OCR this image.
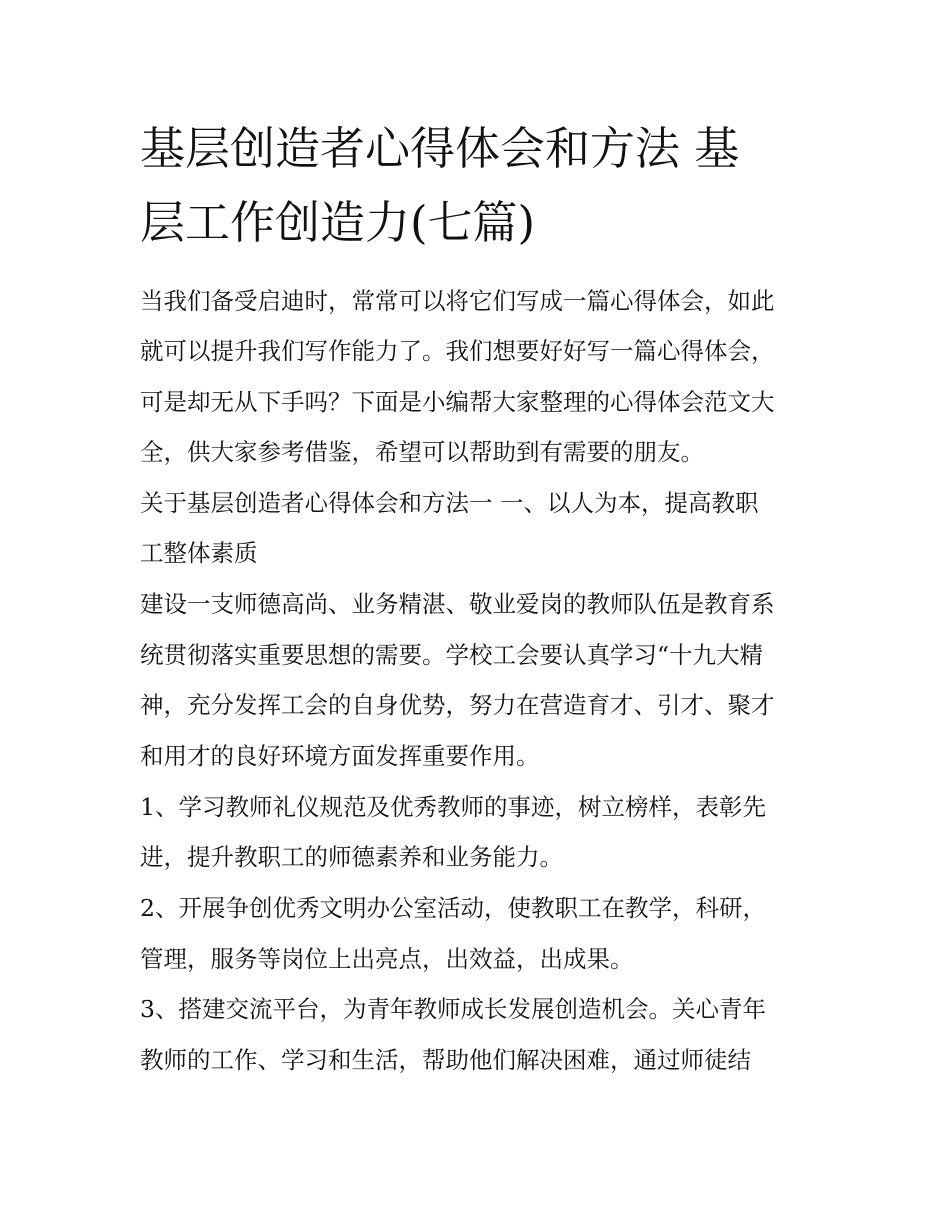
基层创造者心得体会和方法 基
层工作创造力(七篇)

当我们备受启迪时，常常可以将它们写成一篇心得体会，如此

就可以提升我们写作能力了。我们想要好好写一篇心得体会，

可是却无从下手吗？下面是小编帮大家整理的心得体会范文大

全，供大家参考借鉴，希望可以帮助到有需要的朋友。

关于基层创造者心得体会和方法一 一、以人为本，提高教职

工整体素质

建设一支师德高尚、业务精湛、敬业爱岗的教师队伍是教育系

统贯彻落实重要思想的需要。学校工会要认真学习“十九大精

神，充分发挥工会的自身优势，努力在营造育才、引才、聚才

和用才的良好环境方面发挥重要作用。

1、学习教师礼仪规范及优秀教师的事迹，树立榜样，表彰先

进，提升教职工的师德素养和业务能力。

2、开展争创优秀文明办公室活动，使教职工在教学，科研，

管理，服务等岗位上出亮点，出效益，出成果。

3、搭建交流平台，为青年教师成长发展创造机会。关心青年

教师的工作、学习和生活，帮助他们解决困难，通过师徒结
